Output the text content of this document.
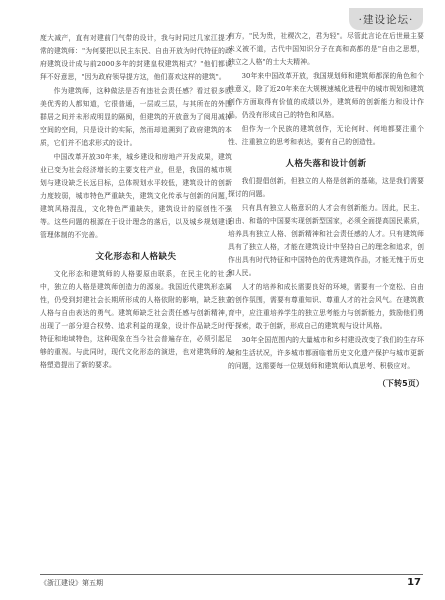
·建设论坛·

度大减产，直有对建前门气带的设计，我与时同过几家江提才常的建筑师："为何要把以民主东民、自由开放为时代特征的政府建筑设计成与前2000多年的封建皇权建筑相式？"他们都说拜不好意思，"因为政府领导提方这，他们喜欢这样的建筑"。

作为建筑师，这种做法是否有违社会责任感？看过很多欧美优秀的人都知道，它很普通，一层或三层，与其所在的外围群居之间并未形成明显的隔阂，但建筑的开放意为了阅用减掉空间的空间，只是设计的实际，然而却追溯到了政府建筑的本质，它们并不追求形式的设计。

中国改革开放30年来，城乡建设和房地产开发成果，建筑业已变为社会经济增长的主要支柱产业，但是，我国的城市规划与建设缺乏长远目标，总体规划水平较低，建筑设计的创新力度较弱，城市特色严重缺失，建筑文化传承与创新的问题，建筑风格混乱，文化特色严重缺失，建筑设计的原创性不强等。这些问题的根源在于设计理念的落后，以及城乡规划建设管理体制的不完善。

文化形态和人格缺失

文化形态和建筑师的人格要原由联系，在民主化的社会中，独立的人格是建筑师创造力的源泉。我国近代建筑形态属性，仍受到封建社会长期所形成的人格依附的影响，缺乏独立人格与自由表达的勇气。建筑师缺乏社会责任感与创新精神，出现了一部分迎合权势、追求利益的现象，设计作品缺乏时代特征和地域特色，这种现象在当今社会普遍存在，必须引起足够的重视。与此同时，现代文化形态的演进，也对建筑师的人格塑造提出了新的要求。

有方，"民为贵，社稷次之，君为轻"。尽管此言论在后世最主要未义被不道，古代中国知识分子在高和高都的是"自由之思想，独立之人格"的士大夫精神。

30年来中国改革开放，我国规划师和建筑师都深的角色和个性意义，除了近20年来在大规模速城化进程中的城市规划和建筑创作方面取得有价值的成绩以外，建筑师的创新能力和设计作品，仍没有形成自己的特色和风格。

但作为一个民族的建筑创作，无论何时、何地都要注重个性、注重独立的思考和表达，要有自己的创造性。

人格失落和设计创新

我们提倡创新，但独立的人格是创新的基础，这是我们需要探讨的问题。

只有具有独立人格意识的人才会有创新能力。因此，民主、自由、和谐的中国要实现创新型国家，必须全面提高国民素质，培养具有独立人格、创新精神和社会责任感的人才。只有建筑师具有了独立人格，才能在建筑设计中坚持自己的理念和追求，创作出具有时代特征和中国特色的优秀建筑作品，才能无愧于历史和人民。

人才的培养和成长需要良好的环境，需要有一个宽松、自由的创作氛围，需要有尊重知识、尊重人才的社会风气。在建筑教育中，应注重培养学生的独立思考能力与创新能力，鼓励他们勇于探索，敢于创新，形成自己的建筑观与设计风格。

30年全国范围内的大量城市和乡村建设改变了我们的生存环境和生活状况，许多城市都面临着历史文化遗产保护与城市更新的问题，这需要每一位规划师和建筑师认真思考、积极应对。

（下转5页）
《浙江建设》第五期	17
